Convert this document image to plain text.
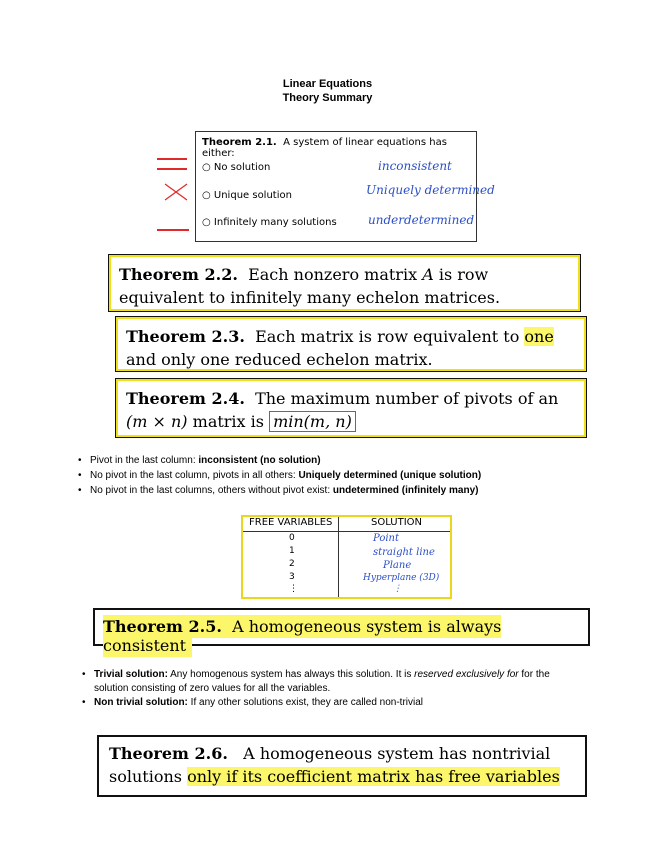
Linear Equations
Theory Summary
Theorem 2.1. A system of linear equations has either:
○ No solution
○ Unique solution
○ Infinitely many solutions
inconsistent
Uniquely determined
underdetermined
Theorem 2.2. Each nonzero matrix A is row equivalent to infinitely many echelon matrices.
Theorem 2.3. Each matrix is row equivalent to one and only one reduced echelon matrix.
Theorem 2.4. The maximum number of pivots of an (m × n) matrix is min(m, n)
• Pivot in the last column: inconsistent (no solution)
• No pivot in the last column, pivots in all others: Uniquely determined (unique solution)
• No pivot in the last columns, others without pivot exist: undetermined (infinitely many)
FREE VARIABLES	SOLUTION
0
1
2
3
⋮
Point
straight line
Plane
Hyperplane (3D)
⋮
Theorem 2.5. A homogeneous system is always consistent
• Trivial solution: Any homogenous system has always this solution. It is reserved exclusively for for the solution consisting of zero values for all the variables.
• Non trivial solution: If any other solutions exist, they are called non-trivial
Theorem 2.6. A homogeneous system has nontrivial solutions only if its coefficient matrix has free variables
